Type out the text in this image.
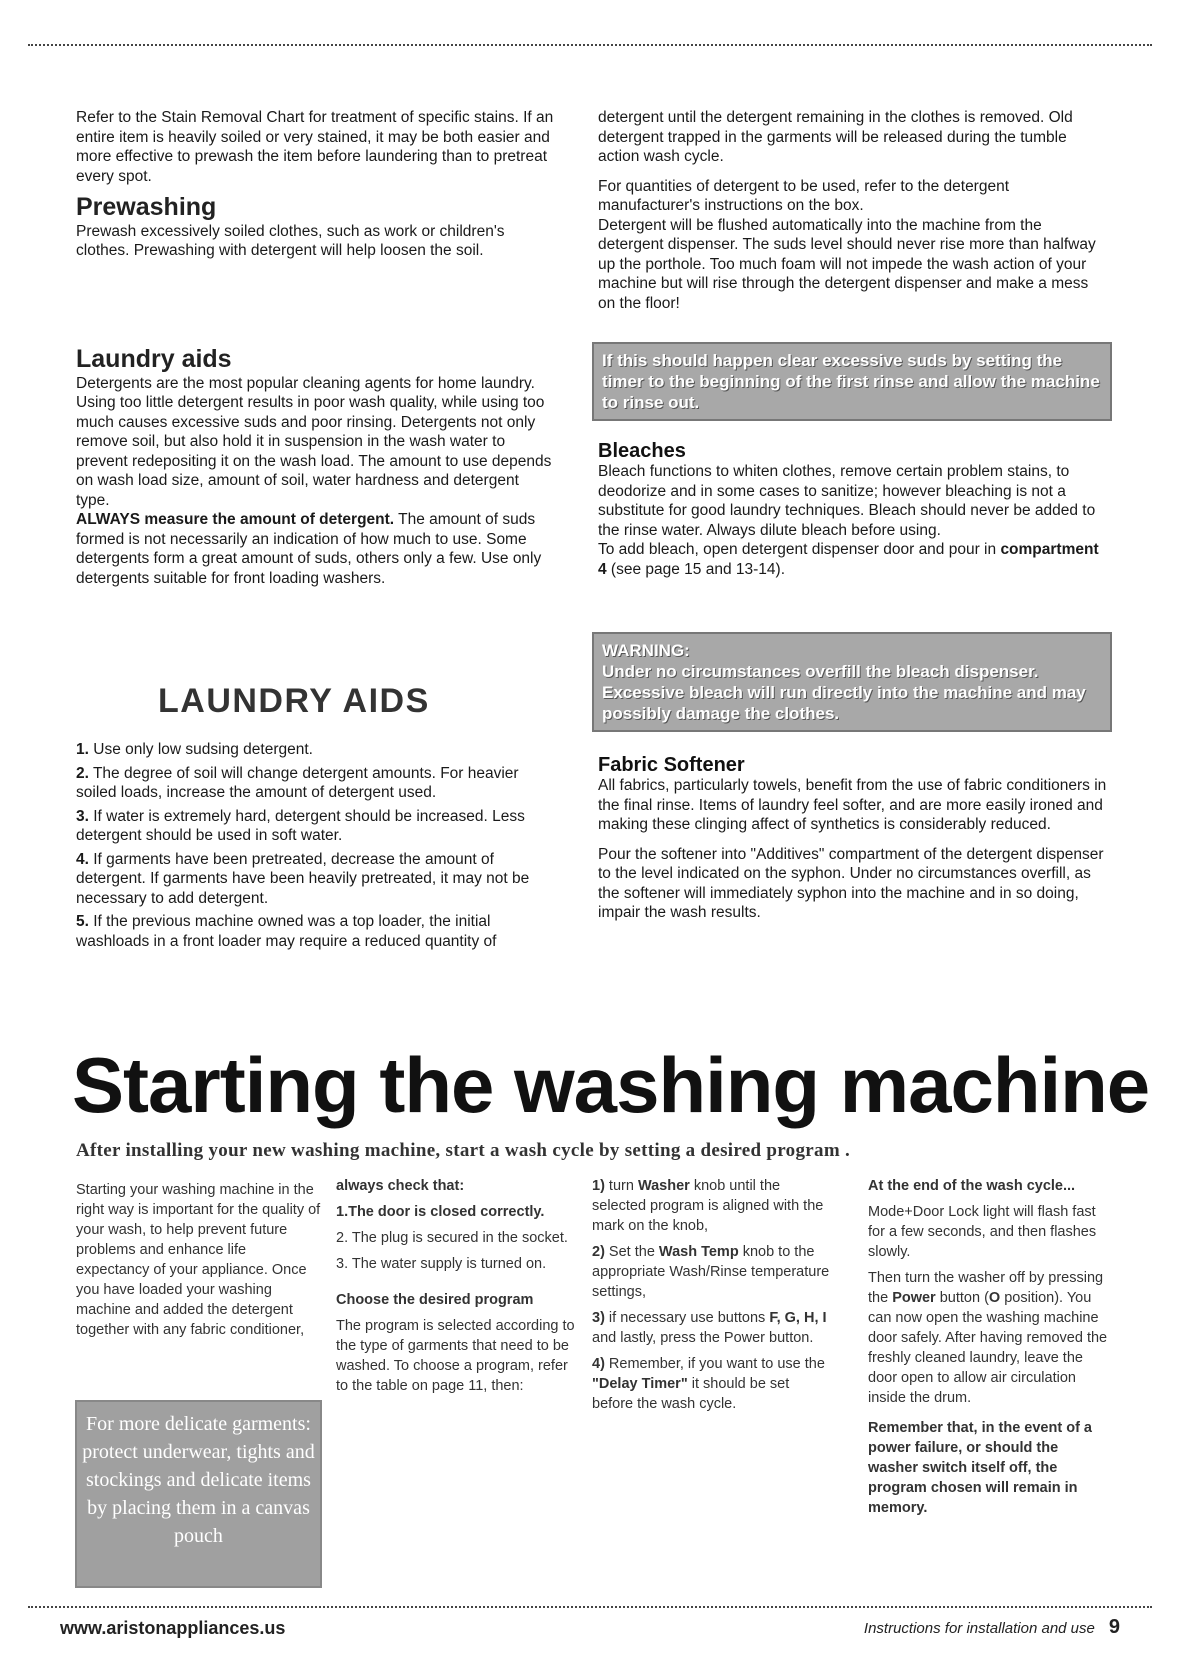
Refer to the Stain Removal Chart for treatment of specific stains. If an entire item is heavily soiled or very stained, it may be both easier and more effective to prewash the item before laundering than to pretreat every spot.

Prewashing

Prewash excessively soiled clothes, such as work or children's clothes. Prewashing with detergent will help loosen the soil.

Laundry aids

Detergents are the most popular cleaning agents for home laundry.

Using too little detergent results in poor wash quality, while using too much causes excessive suds and poor rinsing. Detergents not only remove soil, but also hold it in suspension in the wash water to prevent redepositing it on the wash load. The amount to use depends on wash load size, amount of soil, water hardness and detergent type.

ALWAYS measure the amount of detergent. The amount of suds formed is not necessarily an indication of how much to use. Some detergents form a great amount of suds, others only a few. Use only detergents suitable for front loading washers.

LAUNDRY AIDS

1. Use only low sudsing detergent.

2. The degree of soil will change detergent amounts. For heavier soiled loads, increase the amount of detergent used.

3. If water is extremely hard, detergent should be increased. Less detergent should be used in soft water.

4. If garments have been pretreated, decrease the amount of detergent. If garments have been heavily pretreated, it may not be necessary to add detergent.

5. If the previous machine owned was a top loader, the initial washloads in a front loader may require a reduced quantity of

detergent until the detergent remaining in the clothes is removed. Old detergent trapped in the garments will be released during the tumble action wash cycle.

For quantities of detergent to be used, refer to the detergent manufacturer's instructions on the box.

Detergent will be flushed automatically into the machine from the detergent dispenser. The suds level should never rise more than halfway up the porthole. Too much foam will not impede the wash action of your machine but will rise through the detergent dispenser and make a mess on the floor!

If this should happen clear excessive suds by setting the timer to the beginning of the first rinse and allow the machine to rinse out.
Bleaches

Bleach functions to whiten clothes, remove certain problem stains, to deodorize and in some cases to sanitize; however bleaching is not a substitute for good laundry techniques. Bleach should never be added to the rinse water. Always dilute bleach before using.

To add bleach, open detergent dispenser door and pour in compartment 4 (see page 15 and 13-14).

WARNING:
Under no circumstances overfill the bleach dispenser. Excessive bleach will run directly into the machine and may possibly damage the clothes.
Fabric Softener

All fabrics, particularly towels, benefit from the use of fabric conditioners in the final rinse. Items of laundry feel softer, and are more easily ironed and making these clinging affect of synthetics is considerably reduced.

Pour the softener into "Additives" compartment of the detergent dispenser to the level indicated on the syphon. Under no circumstances overfill, as the softener will immediately syphon into the machine and in so doing, impair the wash results.

Starting the washing machine
After installing your new washing machine, start a wash cycle by setting a desired program .

Starting your washing machine in the right way is important for the quality of your wash, to help prevent future problems and enhance life expectancy of your appliance. Once you have loaded your washing machine and added the detergent together with any fabric conditioner,

For more delicate garments: protect underwear, tights and stockings and delicate items by placing them in a canvas pouch
always check that:

1.The door is closed correctly.

2. The plug is secured in the socket.

3. The water supply is turned on.

Choose the desired program

The program is selected according to the type of garments that need to be washed. To choose a program, refer to the table on page 11, then:

1) turn Washer knob until the selected program is aligned with the mark on the knob,

2) Set the Wash Temp knob to the appropriate Wash/Rinse temperature settings,

3) if necessary use buttons F, G, H, I and lastly, press the Power button.

4) Remember, if you want to use the "Delay Timer" it should be set before the wash cycle.

At the end of the wash cycle...

Mode+Door Lock light will flash fast for a few seconds, and then flashes slowly.

Then turn the washer off by pressing the Power button (O position). You can now open the washing machine door safely. After having removed the freshly cleaned laundry, leave the door open to allow air circulation inside the drum.

Remember that, in the event of a power failure, or should the washer switch itself off, the program chosen will remain in memory.

www.aristonappliances.us	Instructions for installation and use 9
